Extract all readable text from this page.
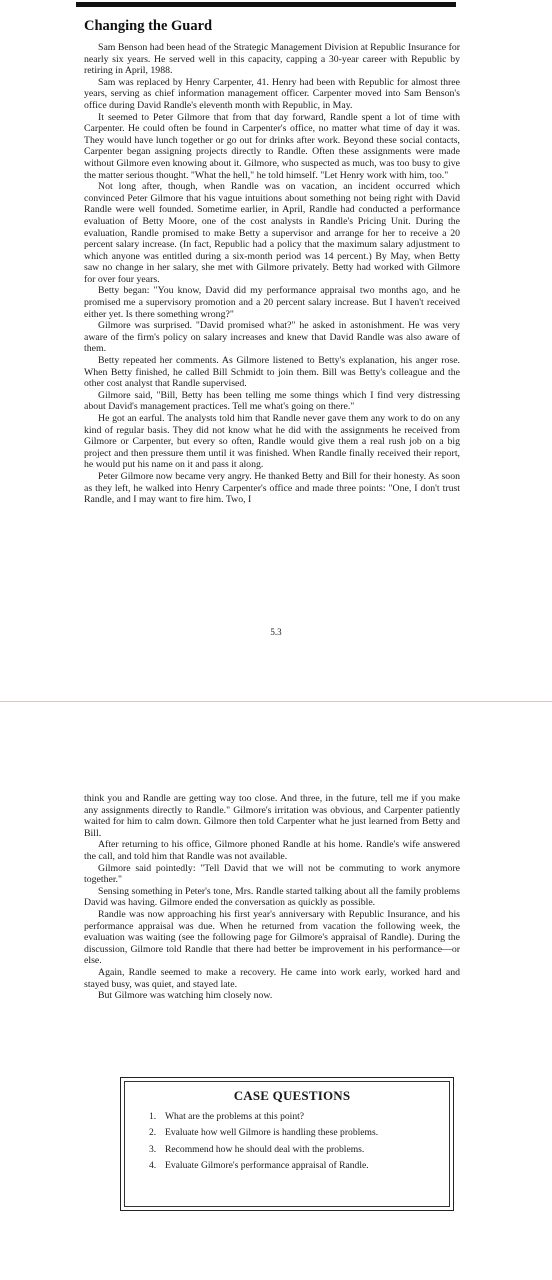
Changing the Guard

Sam Benson had been head of the Strategic Management Division at Republic Insurance for nearly six years. He served well in this capacity, capping a 30-year career with Republic by retiring in April, 1988.

Sam was replaced by Henry Carpenter, 41. Henry had been with Republic for almost three years, serving as chief information management officer. Carpenter moved into Sam Benson's office during David Randle's eleventh month with Republic, in May.

It seemed to Peter Gilmore that from that day forward, Randle spent a lot of time with Carpenter. He could often be found in Carpenter's office, no matter what time of day it was. They would have lunch together or go out for drinks after work. Beyond these social contacts, Carpenter began assigning projects directly to Randle. Often these assignments were made without Gilmore even knowing about it. Gilmore, who suspected as much, was too busy to give the matter serious thought. "What the hell," he told himself. "Let Henry work with him, too."

Not long after, though, when Randle was on vacation, an incident occurred which convinced Peter Gilmore that his vague intuitions about something not being right with David Randle were well founded. Sometime earlier, in April, Randle had conducted a performance evaluation of Betty Moore, one of the cost analysts in Randle's Pricing Unit. During the evaluation, Randle promised to make Betty a supervisor and arrange for her to receive a 20 percent salary increase. (In fact, Republic had a policy that the maximum salary adjustment to which anyone was entitled during a six-month period was 14 percent.) By May, when Betty saw no change in her salary, she met with Gilmore privately. Betty had worked with Gilmore for over four years.

Betty began: "You know, David did my performance appraisal two months ago, and he promised me a supervisory promotion and a 20 percent salary increase. But I haven't received either yet. Is there something wrong?"

Gilmore was surprised. "David promised what?" he asked in astonishment. He was very aware of the firm's policy on salary increases and knew that David Randle was also aware of them.

Betty repeated her comments. As Gilmore listened to Betty's explanation, his anger rose. When Betty finished, he called Bill Schmidt to join them. Bill was Betty's colleague and the other cost analyst that Randle supervised.

Gilmore said, "Bill, Betty has been telling me some things which I find very distressing about David's management practices. Tell me what's going on there."

He got an earful. The analysts told him that Randle never gave them any work to do on any kind of regular basis. They did not know what he did with the assignments he received from Gilmore or Carpenter, but every so often, Randle would give them a real rush job on a big project and then pressure them until it was finished. When Randle finally received their report, he would put his name on it and pass it along.

Peter Gilmore now became very angry. He thanked Betty and Bill for their honesty. As soon as they left, he walked into Henry Carpenter's office and made three points: "One, I don't trust Randle, and I may want to fire him. Two, I

5.3

think you and Randle are getting way too close. And three, in the future, tell me if you make any assignments directly to Randle." Gilmore's irritation was obvious, and Carpenter patiently waited for him to calm down. Gilmore then told Carpenter what he just learned from Betty and Bill.

After returning to his office, Gilmore phoned Randle at his home. Randle's wife answered the call, and told him that Randle was not available.

Gilmore said pointedly: "Tell David that we will not be commuting to work anymore together."

Sensing something in Peter's tone, Mrs. Randle started talking about all the family problems David was having. Gilmore ended the conversation as quickly as possible.

Randle was now approaching his first year's anniversary with Republic Insurance, and his performance appraisal was due. When he returned from vacation the following week, the evaluation was waiting (see the following page for Gilmore's appraisal of Randle). During the discussion, Gilmore told Randle that there had better be improvement in his performance—or else.

Again, Randle seemed to make a recovery. He came into work early, worked hard and stayed busy, was quiet, and stayed late.

But Gilmore was watching him closely now.

CASE QUESTIONS
1. What are the problems at this point?
2. Evaluate how well Gilmore is handling these problems.
3. Recommend how he should deal with the problems.
4. Evaluate Gilmore's performance appraisal of Randle.
